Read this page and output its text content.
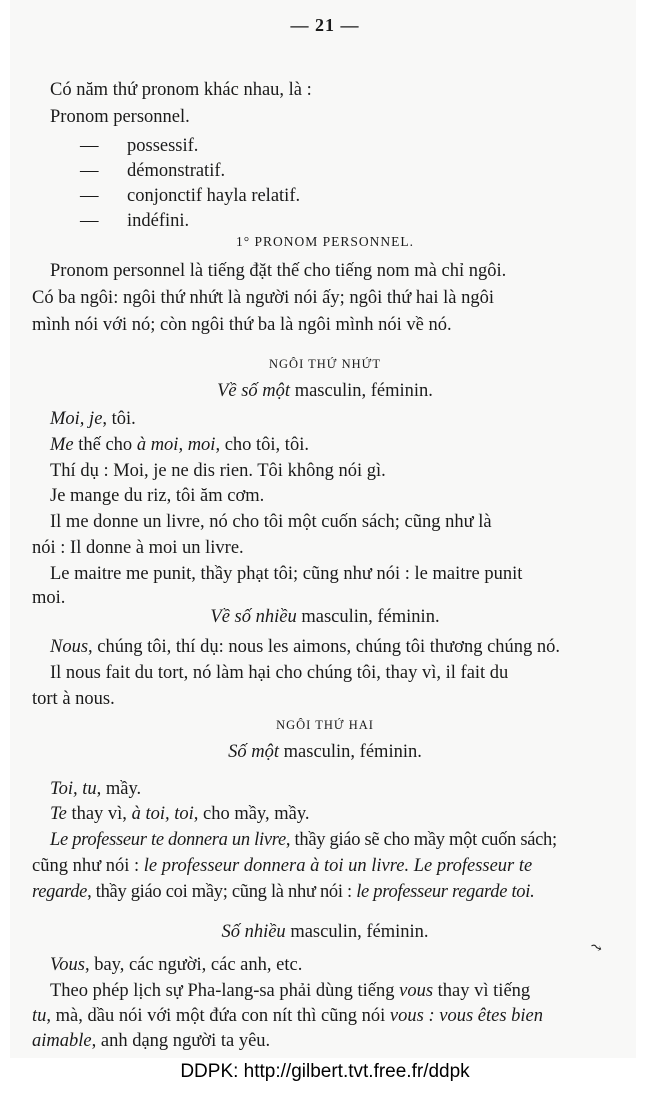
— 21 —
Có năm thứ pronom khác nhau, là :
Pronom personnel.
— possessif.
— démonstratif.
— conjonctif hayla relatif.
— indéfini.
1° PRONOM PERSONNEL.
Pronom personnel là tiếng đặt thế cho tiếng nom mà chỉ ngôi.
Có ba ngôi: ngôi thứ nhứt là người nói ấy; ngôi thứ hai là ngôi
mình nói với nó; còn ngôi thứ ba là ngôi mình nói về nó.
NGÔI THỨ NHỨT
Về số một masculin, féminin.
Moi, je, tôi.
Me thế cho à moi, moi, cho tôi, tôi.
Thí dụ : Moi, je ne dis rien. Tôi không nói gì.
Je mange du riz, tôi ăm cơm.
Il me donne un livre, nó cho tôi một cuốn sách; cũng như là
nói : Il donne à moi un livre.
Le maitre me punit, thầy phạt tôi; cũng như nói : le maitre punit
moi.
Về số nhiều masculin, féminin.
Nous, chúng tôi, thí dụ: nous les aimons, chúng tôi thương chúng nó.
Il nous fait du tort, nó làm hại cho chúng tôi, thay vì, il fait du
tort à nous.
NGÔI THỨ HAI
Số một masculin, féminin.
Toi, tu, mầy.
Te thay vì, à toi, toi, cho mầy, mầy.
Le professeur te donnera un livre, thầy giáo sẽ cho mầy một cuốn sách;
cũng như nói : le professeur donnera à toi un livre. Le professeur te
regarde, thầy giáo coi mầy; cũng là như nói : le professeur regarde toi.
Số nhiều masculin, féminin.
Vous, bay, các người, các anh, etc.
Theo phép lịch sự Pha-lang-sa phải dùng tiếng vous thay vì tiếng
tu, mà, dầu nói với một đứa con nít thì cũng nói vous : vous êtes bien
aimable, anh dạng người ta yêu.
⤳
DDPK: http://gilbert.tvt.free.fr/ddpk
